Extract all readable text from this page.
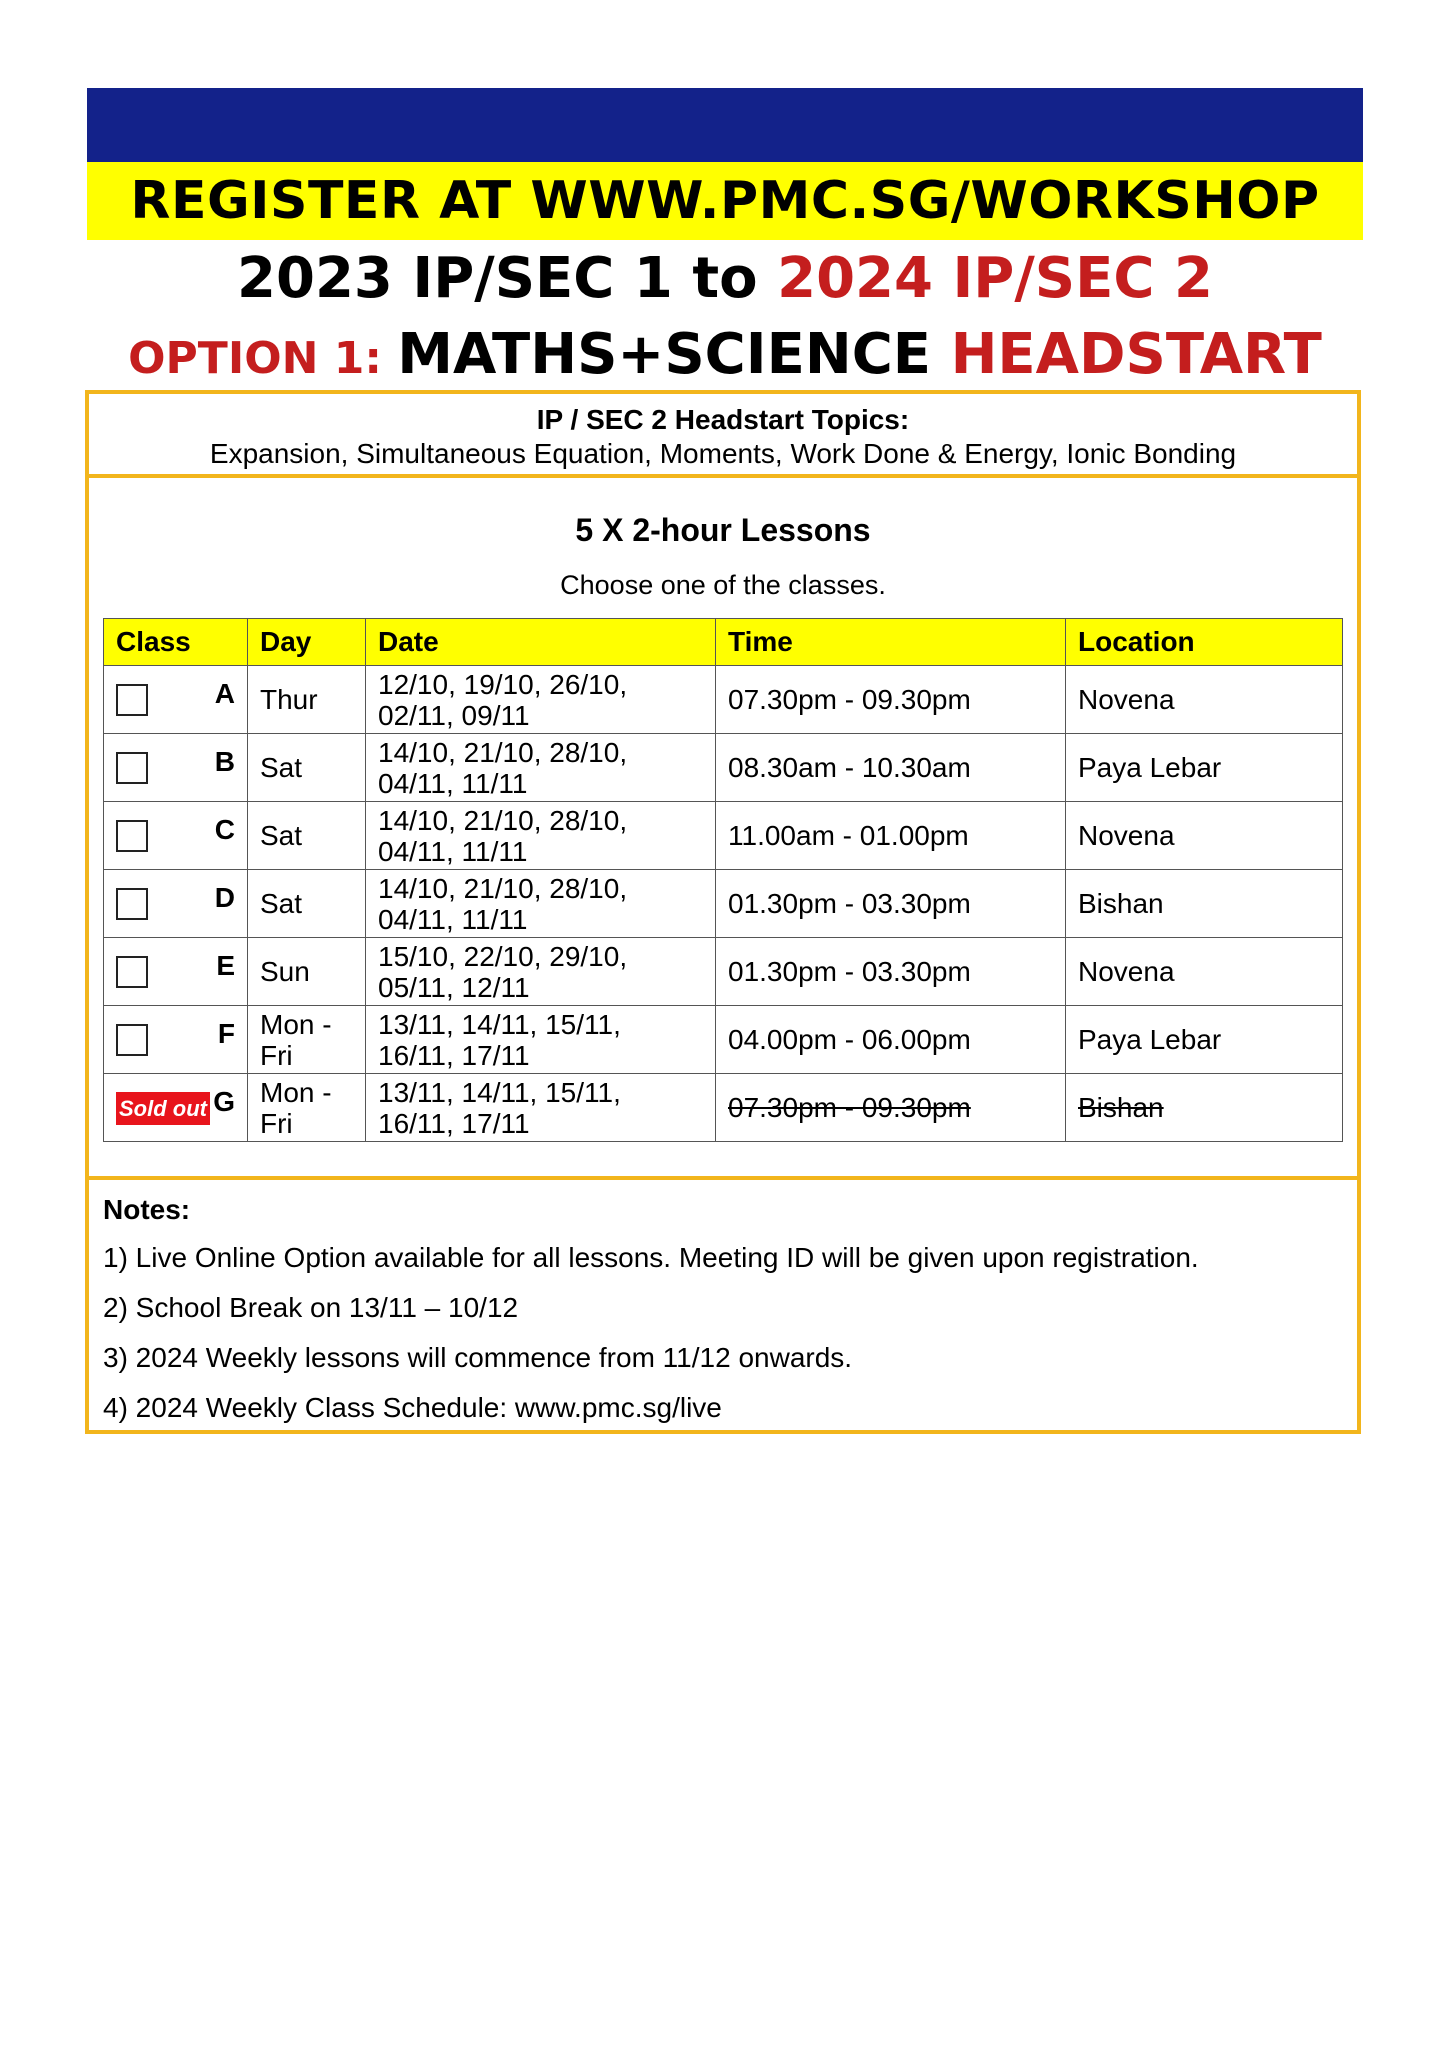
REGISTER AT WWW.PMC.SG/WORKSHOP
2023 IP/SEC 1 to 2024 IP/SEC 2
OPTION 1: MATHS+SCIENCE HEADSTART
IP / SEC 2 Headstart Topics:
Expansion, Simultaneous Equation, Moments, Work Done & Energy, Ionic Bonding
5 X 2-hour Lessons
Choose one of the classes.
Class	Day	Date	Time	Location

A	Thur	12/10, 19/10, 26/10, 02/11, 09/11	07.30pm - 09.30pm	Novena

B	Sat	14/10, 21/10, 28/10, 04/11, 11/11	08.30am - 10.30am	Paya Lebar

C	Sat	14/10, 21/10, 28/10, 04/11, 11/11	11.00am - 01.00pm	Novena

D	Sat	14/10, 21/10, 28/10, 04/11, 11/11	01.30pm - 03.30pm	Bishan

E	Sun	15/10, 22/10, 29/10, 05/11, 12/11	01.30pm - 03.30pm	Novena

F	Mon - Fri	13/11, 14/11, 15/11, 16/11, 17/11	04.00pm - 06.00pm	Paya Lebar
Sold out G	Mon - Fri	13/11, 14/11, 15/11, 16/11, 17/11	07.30pm - 09.30pm	Bishan
Notes:
1) Live Online Option available for all lessons. Meeting ID will be given upon registration.
2) School Break on 13/11 – 10/12
3) 2024 Weekly lessons will commence from 11/12 onwards.
4) 2024 Weekly Class Schedule: www.pmc.sg/live
